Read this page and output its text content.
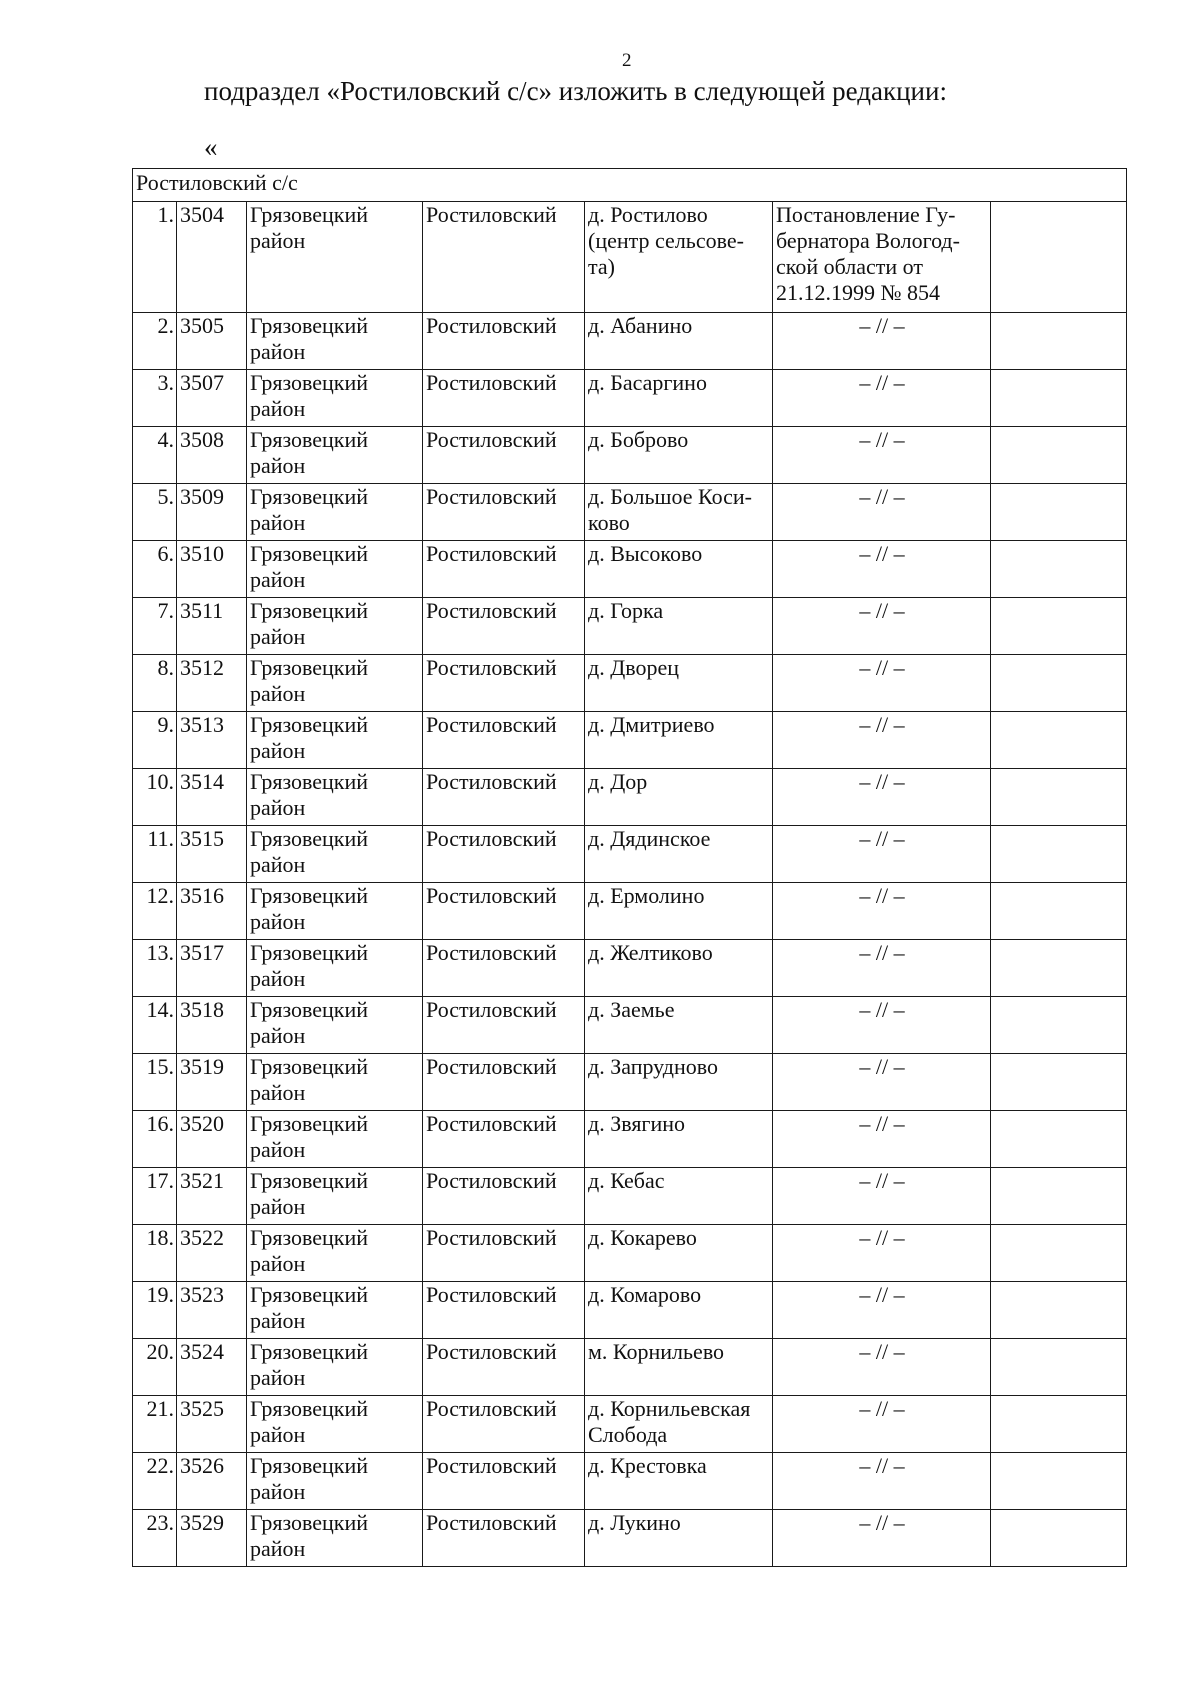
2
подраздел «Ростиловский с/с» изложить в следующей редакции:
«
Ростиловский с/с						
1.	3504	Грязовецкий район	Ростиловский	д. Ростилово (центр сельсове-та)	Постановление Гу-бернатора Вологод-ской области от 21.12.1999 № 854	
2.	3505	Грязовецкий район	Ростиловский	д. Абанино	– // –	
3.	3507	Грязовецкий район	Ростиловский	д. Басаргино	– // –	
4.	3508	Грязовецкий район	Ростиловский	д. Боброво	– // –	
5.	3509	Грязовецкий район	Ростиловский	д. Большое Коси-ково	– // –	
6.	3510	Грязовецкий район	Ростиловский	д. Высоково	– // –	
7.	3511	Грязовецкий район	Ростиловский	д. Горка	– // –	
8.	3512	Грязовецкий район	Ростиловский	д. Дворец	– // –	
9.	3513	Грязовецкий район	Ростиловский	д. Дмитриево	– // –	
10.	3514	Грязовецкий район	Ростиловский	д. Дор	– // –	
11.	3515	Грязовецкий район	Ростиловский	д. Дядинское	– // –	
12.	3516	Грязовецкий район	Ростиловский	д. Ермолино	– // –	
13.	3517	Грязовецкий район	Ростиловский	д. Желтиково	– // –	
14.	3518	Грязовецкий район	Ростиловский	д. Заемье	– // –	
15.	3519	Грязовецкий район	Ростиловский	д. Запрудново	– // –	
16.	3520	Грязовецкий район	Ростиловский	д. Звягино	– // –	
17.	3521	Грязовецкий район	Ростиловский	д. Кебас	– // –	
18.	3522	Грязовецкий район	Ростиловский	д. Кокарево	– // –	
19.	3523	Грязовецкий район	Ростиловский	д. Комарово	– // –	
20.	3524	Грязовецкий район	Ростиловский	м. Корнильево	– // –	
21.	3525	Грязовецкий район	Ростиловский	д. Корнильевская Слобода	– // –	
22.	3526	Грязовецкий район	Ростиловский	д. Крестовка	– // –	
23.	3529	Грязовецкий район	Ростиловский	д. Лукино	– // –	
